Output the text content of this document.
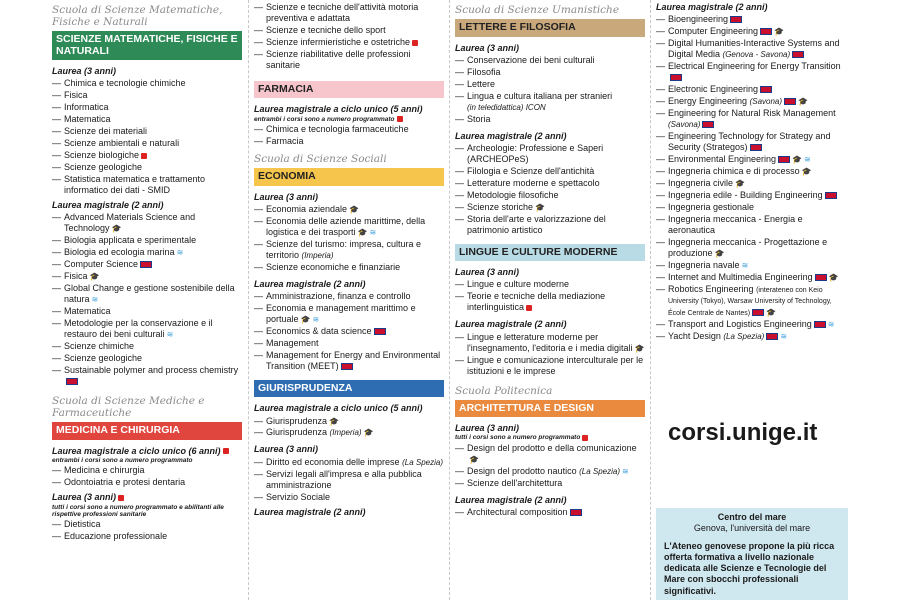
Scuola di Scienze Matematiche, Fisiche e Naturali
SCIENZE MATEMATICHE, FISICHE E NATURALI
Laurea (3 anni)
— Chimica e tecnologie chimiche
— Fisica
— Informatica
— Matematica
— Scienze dei materiali
— Scienze ambientali e naturali
— Scienze biologiche
— Scienze geologiche
— Statistica matematica e trattamento informatico dei dati - SMID
Laurea magistrale (2 anni)
— Advanced Materials Science and Technology 🎓
— Biologia applicata e sperimentale
— Biologia ed ecologia marina ≋
— Computer Science
— Fisica 🎓
— Global Change e gestione sostenibile della natura ≋
— Matematica
— Metodologie per la conservazione e il restauro dei beni culturali ≋
— Scienze chimiche
— Scienze geologiche
— Sustainable polymer and process chemistry
Scuola di Scienze Mediche e Farmaceutiche
MEDICINA E CHIRURGIA
Laurea magistrale a ciclo unico (6 anni)
entrambi i corsi sono a numero programmato
— Medicina e chirurgia
— Odontoiatria e protesi dentaria
Laurea (3 anni)
tutti i corsi sono a numero programmato e abilitanti alle rispettive professioni sanitarie
— Dietistica
— Educazione professionale
— Scienze e tecniche dell'attività motoria preventiva e adattata
— Scienze e tecniche dello sport
— Scienze infermieristiche e ostetriche
— Scienze riabilitative delle professioni sanitarie
FARMACIA
Laurea magistrale a ciclo unico (5 anni)
entrambi i corsi sono a numero programmato
— Chimica e tecnologia farmaceutiche
— Farmacia
Scuola di Scienze Sociali
ECONOMIA
Laurea (3 anni)
— Economia aziendale 🎓
— Economia delle aziende marittime, della logistica e dei trasporti 🎓 ≋
— Scienze del turismo: impresa, cultura e territorio (Imperia)
— Scienze economiche e finanziarie
Laurea magistrale (2 anni)
— Amministrazione, finanza e controllo
— Economia e management marittimo e portuale 🎓 ≋
— Economics & data science
— Management
— Management for Energy and Environmental Transition (MEET)
GIURISPRUDENZA
Laurea magistrale a ciclo unico (5 anni)
— Giurisprudenza 🎓
— Giurisprudenza (Imperia) 🎓
Laurea (3 anni)
— Diritto ed economia delle imprese (La Spezia)
— Servizi legali all'impresa e alla pubblica amministrazione
— Servizio Sociale
Laurea magistrale (2 anni)
Scuola di Scienze Umanistiche
LETTERE E FILOSOFIA
Laurea (3 anni)
— Conservazione dei beni culturali
— Filosofia
— Lettere
— Lingua e cultura italiana per stranieri
(in teledidattica) ICON
— Storia
Laurea magistrale (2 anni)
— Archeologie: Professione e Saperi (ARCHEOPeS)
— Filologia e Scienze dell'antichità
— Letterature moderne e spettacolo
— Metodologie filosofiche
— Scienze storiche 🎓
— Storia dell'arte e valorizzazione del patrimonio artistico
LINGUE E CULTURE MODERNE
Laurea (3 anni)
— Lingue e culture moderne
— Teorie e tecniche della mediazione interlinguistica
Laurea magistrale (2 anni)
— Lingue e letterature moderne per l'insegnamento, l'editoria e i media digitali 🎓
— Lingue e comunicazione interculturale per le istituzioni e le imprese
Scuola Politecnica
ARCHITETTURA E DESIGN
Laurea (3 anni)
tutti i corsi sono a numero programmato
— Design del prodotto e della comunicazione🎓
— Design del prodotto nautico (La Spezia) ≋
— Scienze dell'architettura
Laurea magistrale (2 anni)
— Architectural composition
Laurea magistrale (2 anni)
— Bioengineering
— Computer Engineering 🎓
— Digital Humanities-Interactive Systems and Digital Media (Genova - Savona)
— Electrical Engineering for Energy Transition
— Electronic Engineering
— Energy Engineering (Savona) 🎓
— Engineering for Natural Risk Management (Savona)
— Engineering Technology for Strategy and Security (Strategos)
— Environmental Engineering 🎓 ≋
— Ingegneria chimica e di processo 🎓
— Ingegneria civile 🎓
— Ingegneria edile - Building Engineering
— Ingegneria gestionale
— Ingegneria meccanica - Energia e aeronautica
— Ingegneria meccanica - Progettazione e produzione 🎓
— Ingegneria navale ≋
— Internet and Multimedia Engineering 🎓
— Robotics Engineering (interateneo con Keio University (Tokyo), Warsaw University of Technology, École Centrale de Nantes) 🎓
— Transport and Logistics Engineering ≋
— Yacht Design (La Spezia) ≋
corsi.unige.it
Centro del mare
Genova, l'università del mare
L'Ateneo genovese propone la più ricca offerta formativa a livello nazionale dedicata alle Scienze e Tecnologie del Mare con sbocchi professionali significativi.
